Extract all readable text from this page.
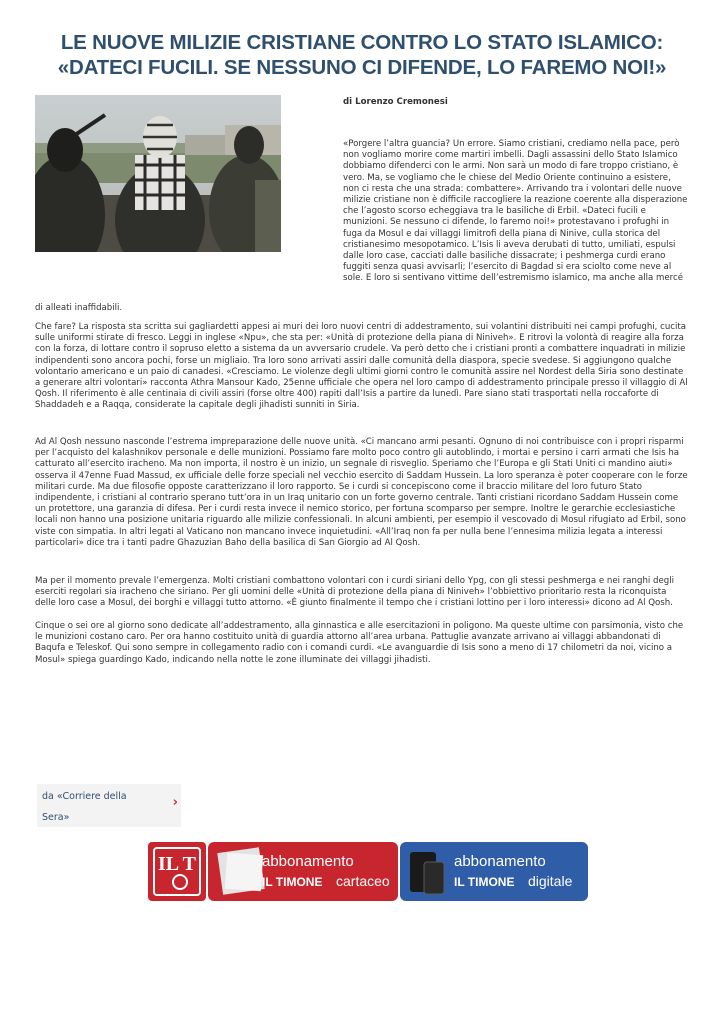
LE NUOVE MILIZIE CRISTIANE CONTRO LO STATO ISLAMICO: «DATECI FUCILI. SE NESSUNO CI DIFENDE, LO FAREMO NOI!»
di Lorenzo Cremonesi

«Porgere l’altra guancia? Un errore. Siamo cristiani, crediamo nella pace, però non vogliamo morire come martiri imbelli. Dagli assassini dello Stato Islamico dobbiamo difenderci con le armi. Non sarà un modo di fare troppo cristiano, è vero. Ma, se vogliamo che le chiese del Medio Oriente continuino a esistere, non ci resta che una strada: combattere». Arrivando tra i volontari delle nuove milizie cristiane non è difficile raccogliere la reazione coerente alla disperazione che l’agosto scorso echeggiava tra le basiliche di Erbil. «Dateci fucili e munizioni. Se nessuno ci difende, lo faremo noi!» protestavano i profughi in fuga da Mosul e dai villaggi limitrofi della piana di Ninive, culla storica del cristianesimo mesopotamico. L’Isis li aveva derubati di tutto, umiliati, espulsi dalle loro case, cacciati dalle basiliche dissacrate; i peshmerga curdi erano fuggiti senza quasi avvisarli; l’esercito di Bagdad si era sciolto come neve al sole. E loro si sentivano vittime dell’estremismo islamico, ma anche alla mercé

di alleati inaffidabili.

Che fare? La risposta sta scritta sui gagliardetti appesi ai muri dei loro nuovi centri di addestramento, sui volantini distribuiti nei campi profughi, cucita sulle uniformi stirate di fresco. Leggi in inglese «Npu», che sta per: «Unità di protezione della piana di Niniveh». E ritrovi la volontà di reagire alla forza con la forza, di lottare contro il sopruso eletto a sistema da un avversario crudele. Va però detto che i cristiani pronti a combattere inquadrati in milizie indipendenti sono ancora pochi, forse un migliaio. Tra loro sono arrivati assiri dalle comunità della diaspora, specie svedese. Si aggiungono qualche volontario americano e un paio di canadesi. «Cresciamo. Le violenze degli ultimi giorni contro le comunità assire nel Nordest della Siria sono destinate a generare altri volontari» racconta Athra Mansour Kado, 25enne ufficiale che opera nel loro campo di addestramento principale presso il villaggio di Al Qosh. Il riferimento è alle centinaia di civili assiri (forse oltre 400) rapiti dall’Isis a partire da lunedì. Pare siano stati trasportati nella roccaforte di Shaddadeh e a Raqqa, considerate la capitale degli jihadisti sunniti in Siria.

Ad Al Qosh nessuno nasconde l’estrema impreparazione delle nuove unità. «Ci mancano armi pesanti. Ognuno di noi contribuisce con i propri risparmi per l’acquisto del kalashnikov personale e delle munizioni. Possiamo fare molto poco contro gli autoblindo, i mortai e persino i carri armati che Isis ha catturato all’esercito iracheno. Ma non importa, il nostro è un inizio, un segnale di risveglio. Speriamo che l’Europa e gli Stati Uniti ci mandino aiuti» osserva il 47enne Fuad Massud, ex ufficiale delle forze speciali nel vecchio esercito di Saddam Hussein. La loro speranza è poter cooperare con le forze militari curde. Ma due filosofie opposte caratterizzano il loro rapporto. Se i curdi si concepiscono come il braccio militare del loro futuro Stato indipendente, i cristiani al contrario sperano tutt’ora in un Iraq unitario con un forte governo centrale. Tanti cristiani ricordano Saddam Hussein come un protettore, una garanzia di difesa. Per i curdi resta invece il nemico storico, per fortuna scomparso per sempre. Inoltre le gerarchie ecclesiastiche locali non hanno una posizione unitaria riguardo alle milizie confessionali. In alcuni ambienti, per esempio il vescovado di Mosul rifugiato ad Erbil, sono viste con simpatia. In altri legati al Vaticano non mancano invece inquietudini. «All’Iraq non fa per nulla bene l’ennesima milizia legata a interessi particolari» dice tra i tanti padre Ghazuzian Baho della basilica di San Giorgio ad Al Qosh.

Ma per il momento prevale l’emergenza. Molti cristiani combattono volontari con i curdi siriani dello Ypg, con gli stessi peshmerga e nei ranghi degli eserciti regolari sia iracheno che siriano. Per gli uomini delle «Unità di protezione della piana di Niniveh» l’obbiettivo prioritario resta la riconquista delle loro case a Mosul, dei borghi e villaggi tutto attorno. «È giunto finalmente il tempo che i cristiani lottino per i loro interessi» dicono ad Al Qosh.

Cinque o sei ore al giorno sono dedicate all’addestramento, alla ginnastica e alle esercitazioni in poligono. Ma queste ultime con parsimonia, visto che le munizioni costano caro. Per ora hanno costituito unità di guardia attorno all’area urbana. Pattuglie avanzate arrivano ai villaggi abbandonati di Baqufa e Teleskof. Qui sono sempre in collegamento radio con i comandi curdi. «Le avanguardie di Isis sono a meno di 17 chilometri da noi, vicino a Mosul» spiega guardingo Kado, indicando nella notte le zone illuminate dei villaggi jihadisti.

da «Corriere della Sera»
›
IL T	abbonamento
IL TIMONE cartaceo
abbonamento
IL TIMONE digitale
